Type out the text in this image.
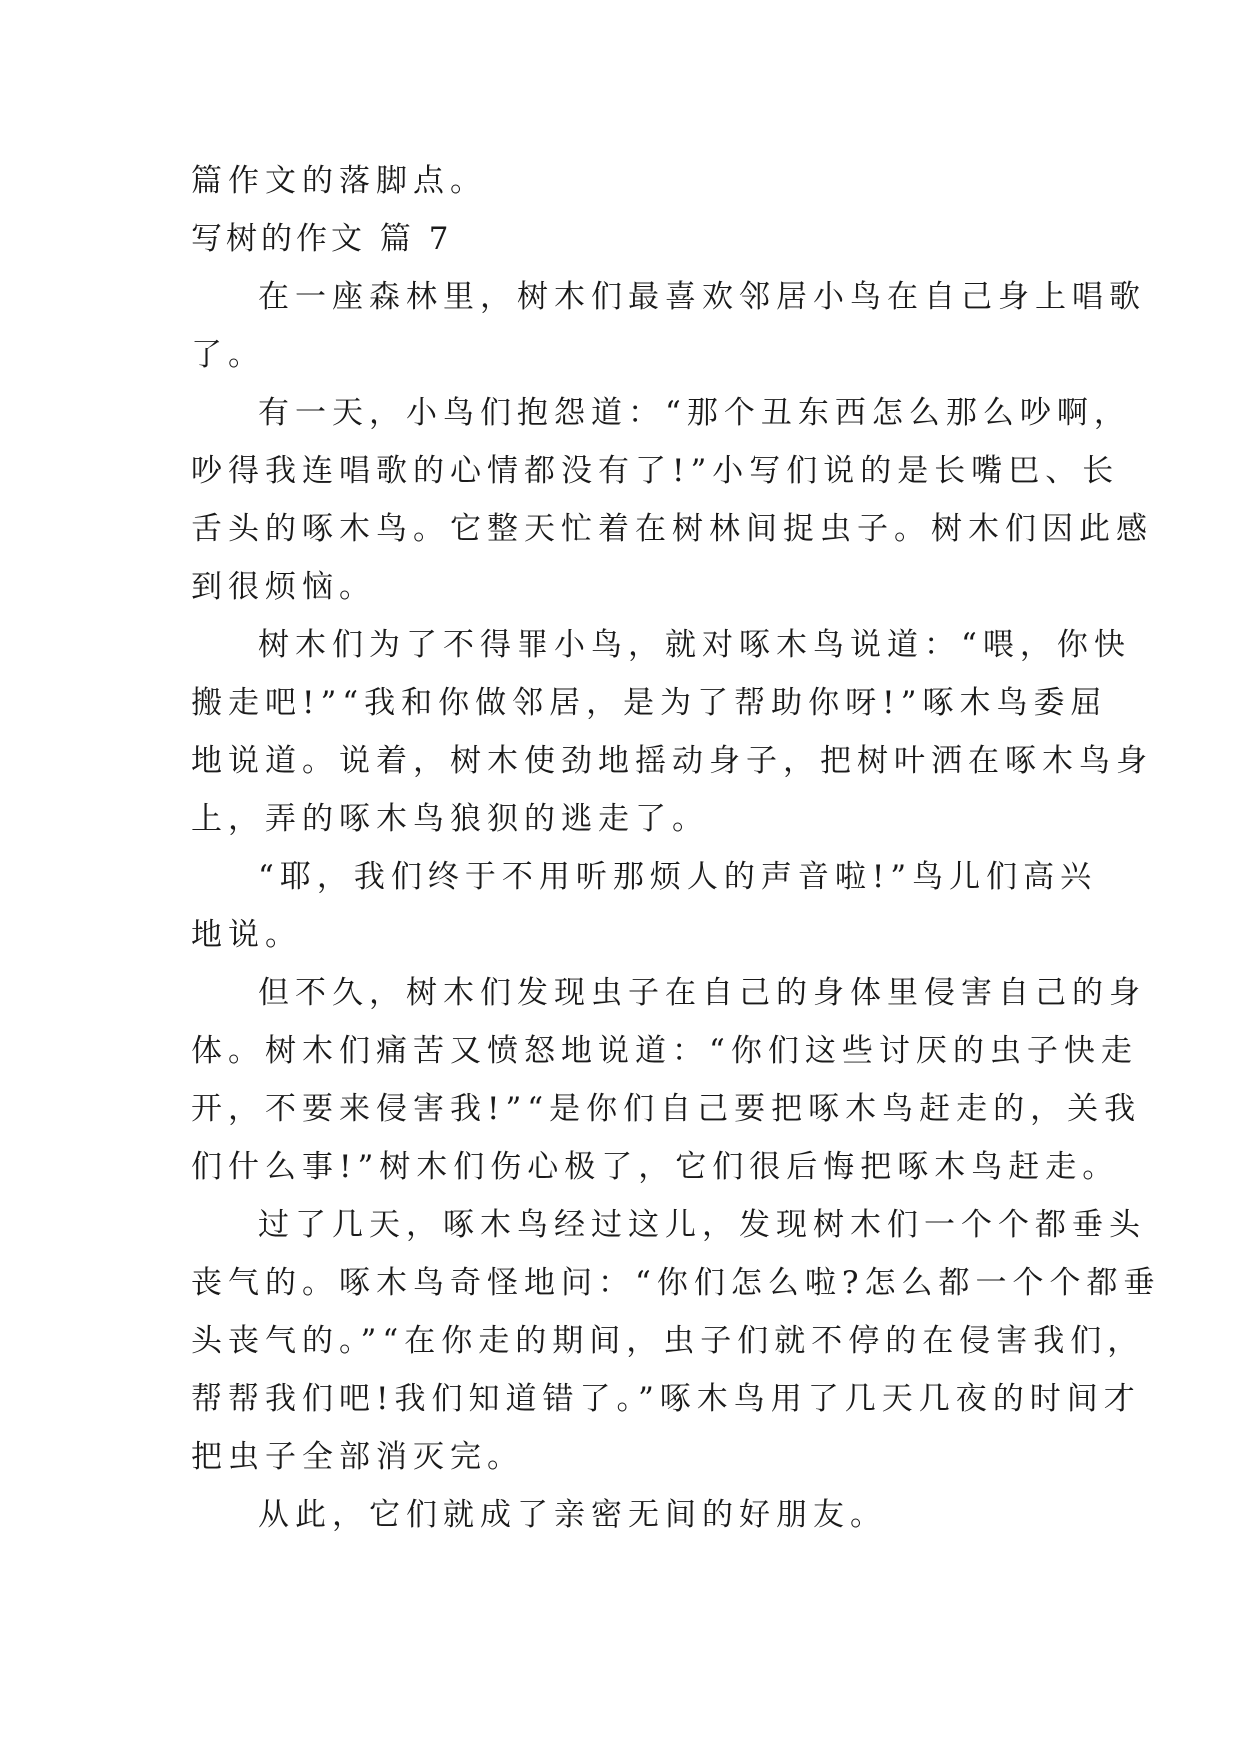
篇作文的落脚点。
写树的作文 篇 7
在一座森林里，树木们最喜欢邻居小鸟在自己身上唱歌
了。
有一天，小鸟们抱怨道：“那个丑东西怎么那么吵啊，
吵得我连唱歌的心情都没有了!”小写们说的是长嘴巴、长
舌头的啄木鸟。它整天忙着在树林间捉虫子。树木们因此感
到很烦恼。
树木们为了不得罪小鸟，就对啄木鸟说道：“喂，你快
搬走吧!”“我和你做邻居，是为了帮助你呀!”啄木鸟委屈
地说道。说着，树木使劲地摇动身子，把树叶洒在啄木鸟身
上，弄的啄木鸟狼狈的逃走了。
“耶，我们终于不用听那烦人的声音啦!”鸟儿们高兴
地说。
但不久，树木们发现虫子在自己的身体里侵害自己的身
体。树木们痛苦又愤怒地说道：“你们这些讨厌的虫子快走
开，不要来侵害我!”“是你们自己要把啄木鸟赶走的，关我
们什么事!”树木们伤心极了，它们很后悔把啄木鸟赶走。
过了几天，啄木鸟经过这儿，发现树木们一个个都垂头
丧气的。啄木鸟奇怪地问：“你们怎么啦?怎么都一个个都垂
头丧气的。”“在你走的期间，虫子们就不停的在侵害我们，
帮帮我们吧!我们知道错了。”啄木鸟用了几天几夜的时间才
把虫子全部消灭完。
从此，它们就成了亲密无间的好朋友。
